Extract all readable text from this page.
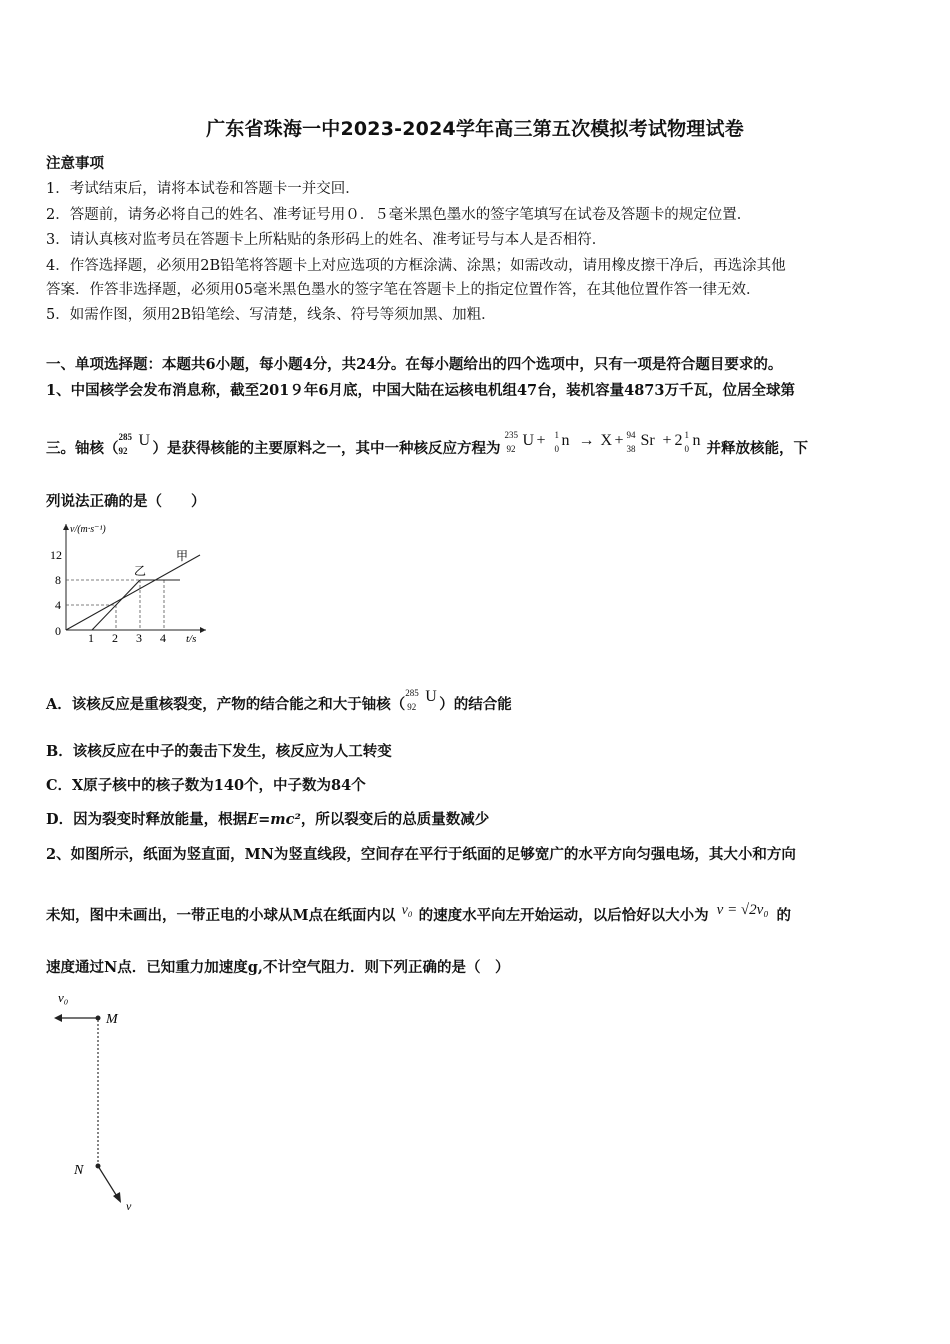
广东省珠海一中2023-2024学年高三第五次模拟考试物理试卷
注意事项
1．考试结束后，请将本试卷和答题卡一并交回．
2．答题前，请务必将自己的姓名、准考证号用０．５毫米黑色墨水的签字笔填写在试卷及答题卡的规定位置．
3．请认真核对监考员在答题卡上所粘贴的条形码上的姓名、准考证号与本人是否相符．
4．作答选择题，必须用2B铅笔将答题卡上对应选项的方框涂满、涂黑；如需改动，请用橡皮擦干净后，再选涂其他
答案．作答非选择题，必须用05毫米黑色墨水的签字笔在答题卡上的指定位置作答，在其他位置作答一律无效．
5．如需作图，须用2B铅笔绘、写清楚，线条、符号等须加黑、加粗．
一、单项选择题：本题共6小题，每小题4分，共24分。在每小题给出的四个选项中，只有一项是符合题目要求的。
1、中国核学会发布消息称，截至201９年6月底，中国大陆在运核电机组47台，装机容量4873万千瓦，位居全球第
三。铀核（
285
92
U ）是获得核能的主要原料之一，其中一种核反应方程为
235
92 U + 1
0 n → X + 94
38 Sr + 2 1
0 n 并释放核能，下
列说法正确的是（　　）
v/(m·s⁻¹)
t/s
12
8
4
0 1 2 3 4
甲
乙
A．该核反应是重核裂变，产物的结合能之和大于铀核（
285
92
U ）的结合能
B．该核反应在中子的轰击下发生，核反应为人工转变
C．X原子核中的核子数为140个，中子数为84个
D．因为裂变时释放能量，根据E=mc²，所以裂变后的总质量数减少
2、如图所示，纸面为竖直面，MN为竖直线段，空间存在平行于纸面的足够宽广的水平方向匀强电场，其大小和方向
未知，图中未画出，一带正电的小球从M点在纸面内以 v₀ 的速度水平向左开始运动，以后恰好以大小为 v = √2v₀ 的
速度通过N点．已知重力加速度g,不计空气阻力．则下列正确的是（　）
v₀
M
N
v
